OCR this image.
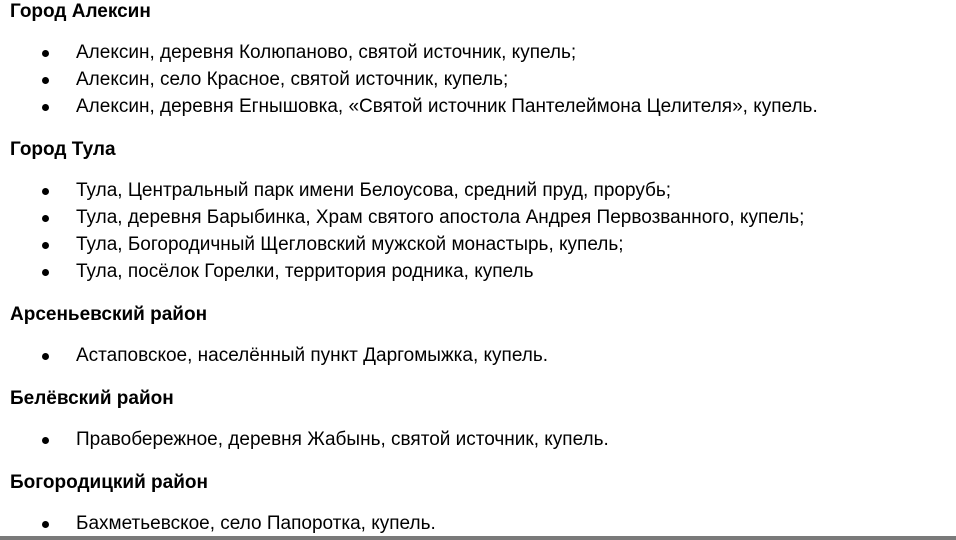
Город Алексин
Алексин, деревня Колюпаново, святой источник, купель;
Алексин, село Красное, святой источник, купель;
Алексин, деревня Егнышовка, «Святой источник Пантелеймона Целителя», купель.
Город Тула
Тула, Центральный парк имени Белоусова, средний пруд, прорубь;
Тула, деревня Барыбинка, Храм святого апостола Андрея Первозванного, купель;
Тула, Богородичный Щегловский мужской монастырь, купель;
Тула, посёлок Горелки, территория родника, купель
Арсеньевский район
Астаповское, населённый пункт Даргомыжка, купель.
Белёвский район
Правобережное, деревня Жабынь, святой источник, купель.
Богородицкий район
Бахметьевское, село Папоротка, купель.
